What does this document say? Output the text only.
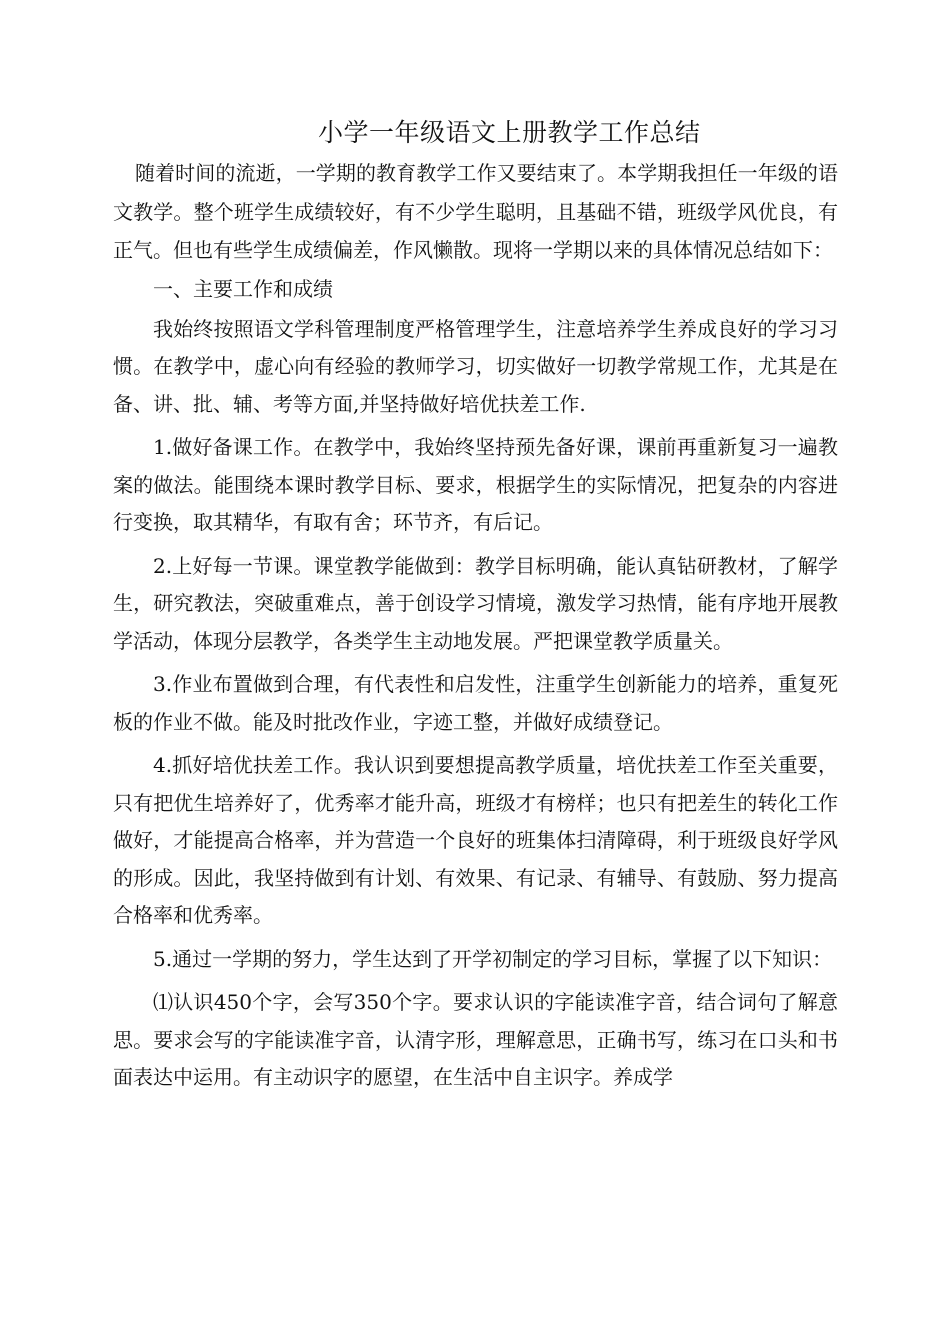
小学一年级语文上册教学工作总结

随着时间的流逝，一学期的教育教学工作又要结束了。本学期我担任一年级的语文教学。整个班学生成绩较好，有不少学生聪明，且基础不错，班级学风优良，有正气。但也有些学生成绩偏差，作风懒散。现将一学期以来的具体情况总结如下：

一、主要工作和成绩

我始终按照语文学科管理制度严格管理学生，注意培养学生养成良好的学习习惯。在教学中，虚心向有经验的教师学习，切实做好一切教学常规工作，尤其是在备、讲、批、辅、考等方面,并坚持做好培优扶差工作.

1.做好备课工作。在教学中，我始终坚持预先备好课，课前再重新复习一遍教案的做法。能围绕本课时教学目标、要求，根据学生的实际情况，把复杂的内容进行变换，取其精华，有取有舍；环节齐，有后记。

2.上好每一节课。课堂教学能做到：教学目标明确，能认真钻研教材，了解学生，研究教法，突破重难点，善于创设学习情境，激发学习热情，能有序地开展教学活动，体现分层教学，各类学生主动地发展。严把课堂教学质量关。

3.作业布置做到合理，有代表性和启发性，注重学生创新能力的培养，重复死板的作业不做。能及时批改作业，字迹工整，并做好成绩登记。

4.抓好培优扶差工作。我认识到要想提高教学质量，培优扶差工作至关重要，只有把优生培养好了，优秀率才能升高，班级才有榜样；也只有把差生的转化工作做好，才能提高合格率，并为营造一个良好的班集体扫清障碍，利于班级良好学风的形成。因此，我坚持做到有计划、有效果、有记录、有辅导、有鼓励、努力提高合格率和优秀率。

5.通过一学期的努力，学生达到了开学初制定的学习目标，掌握了以下知识：

⑴认识450个字，会写350个字。要求认识的字能读准字音，结合词句了解意思。要求会写的字能读准字音，认清字形，理解意思，正确书写，练习在口头和书面表达中运用。有主动识字的愿望，在生活中自主识字。养成学
